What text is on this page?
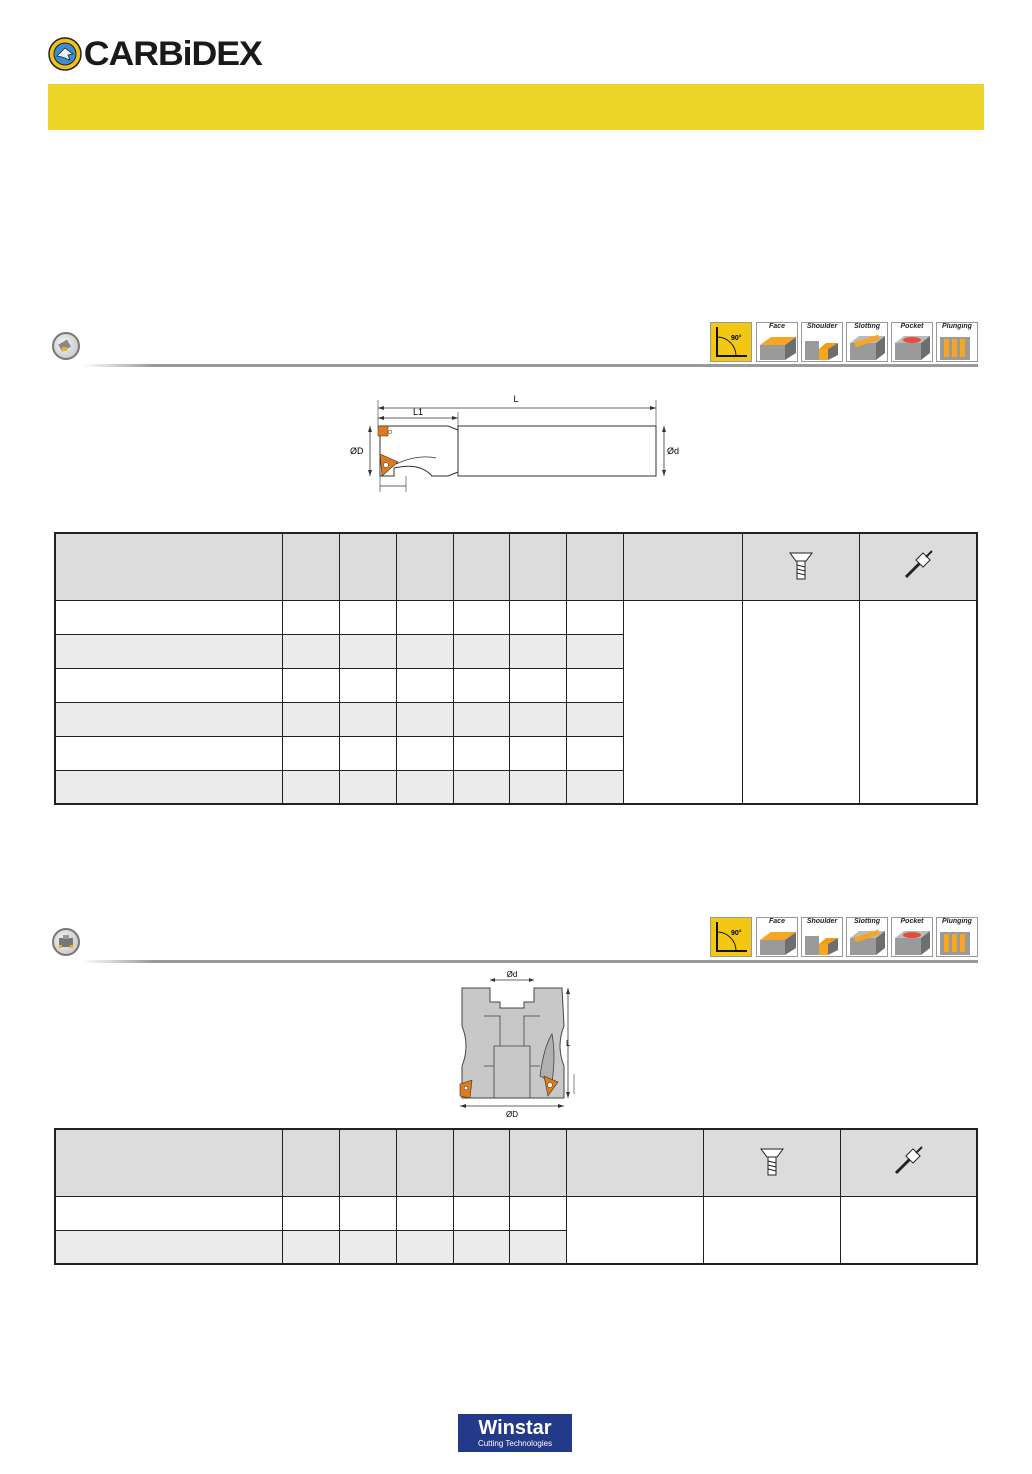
CARBiDEX
90°
Face	Shoulder	Slotting	Pocket	Plunging
L
L1
ØD	Ød

90°
Face	Shoulder	Slotting	Pocket	Plunging
Ød
L
ØD

Winstar
Cutting Technologies
